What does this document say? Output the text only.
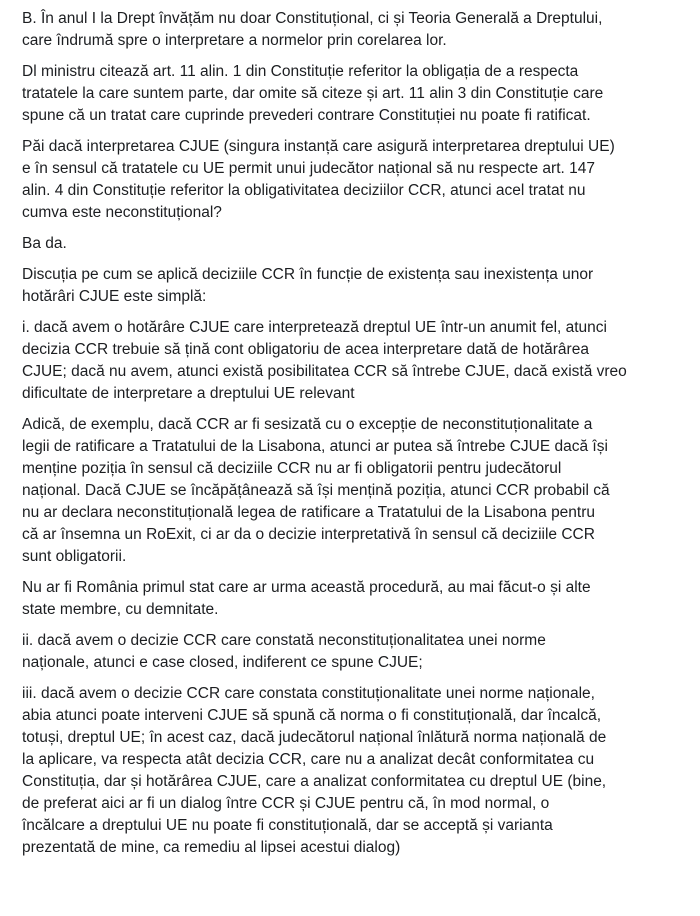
B. În anul I la Drept învățăm nu doar Constituțional, ci și Teoria Generală a Dreptului,
care îndrumă spre o interpretare a normelor prin corelarea lor.

Dl ministru citează art. 11 alin. 1 din Constituție referitor la obligația de a respecta
tratatele la care suntem parte, dar omite să citeze și art. 11 alin 3 din Constituție care
spune că un tratat care cuprinde prevederi contrare Constituției nu poate fi ratificat.

Păi dacă interpretarea CJUE (singura instanță care asigură interpretarea dreptului UE)
e în sensul că tratatele cu UE permit unui judecător național să nu respecte art. 147
alin. 4 din Constituție referitor la obligativitatea deciziilor CCR, atunci acel tratat nu
cumva este neconstituțional?

Ba da.

Discuția pe cum se aplică deciziile CCR în funcție de existența sau inexistența unor
hotărâri CJUE este simplă:

i. dacă avem o hotărâre CJUE care interpretează dreptul UE într-un anumit fel, atunci
decizia CCR trebuie să țină cont obligatoriu de acea interpretare dată de hotărârea
CJUE; dacă nu avem, atunci există posibilitatea CCR să întrebe CJUE, dacă există vreo
dificultate de interpretare a dreptului UE relevant

Adică, de exemplu, dacă CCR ar fi sesizată cu o excepție de neconstituționalitate a
legii de ratificare a Tratatului de la Lisabona, atunci ar putea să întrebe CJUE dacă își
menține poziția în sensul că deciziile CCR nu ar fi obligatorii pentru judecătorul
național. Dacă CJUE se încăpățânează să își mențină poziția, atunci CCR probabil că
nu ar declara neconstituțională legea de ratificare a Tratatului de la Lisabona pentru
că ar însemna un RoExit, ci ar da o decizie interpretativă în sensul că deciziile CCR
sunt obligatorii.

Nu ar fi România primul stat care ar urma această procedură, au mai făcut-o și alte
state membre, cu demnitate.

ii. dacă avem o decizie CCR care constată neconstituționalitatea unei norme
naționale, atunci e case closed, indiferent ce spune CJUE;

iii. dacă avem o decizie CCR care constata constituționalitate unei norme naționale,
abia atunci poate interveni CJUE să spună că norma o fi constituțională, dar încalcă,
totuși, dreptul UE; în acest caz, dacă judecătorul național înlătură norma națională de
la aplicare, va respecta atât decizia CCR, care nu a analizat decât conformitatea cu
Constituția, dar și hotărârea CJUE, care a analizat conformitatea cu dreptul UE (bine,
de preferat aici ar fi un dialog între CCR și CJUE pentru că, în mod normal, o
încălcare a dreptului UE nu poate fi constituțională, dar se acceptă și varianta
prezentată de mine, ca remediu al lipsei acestui dialog)
